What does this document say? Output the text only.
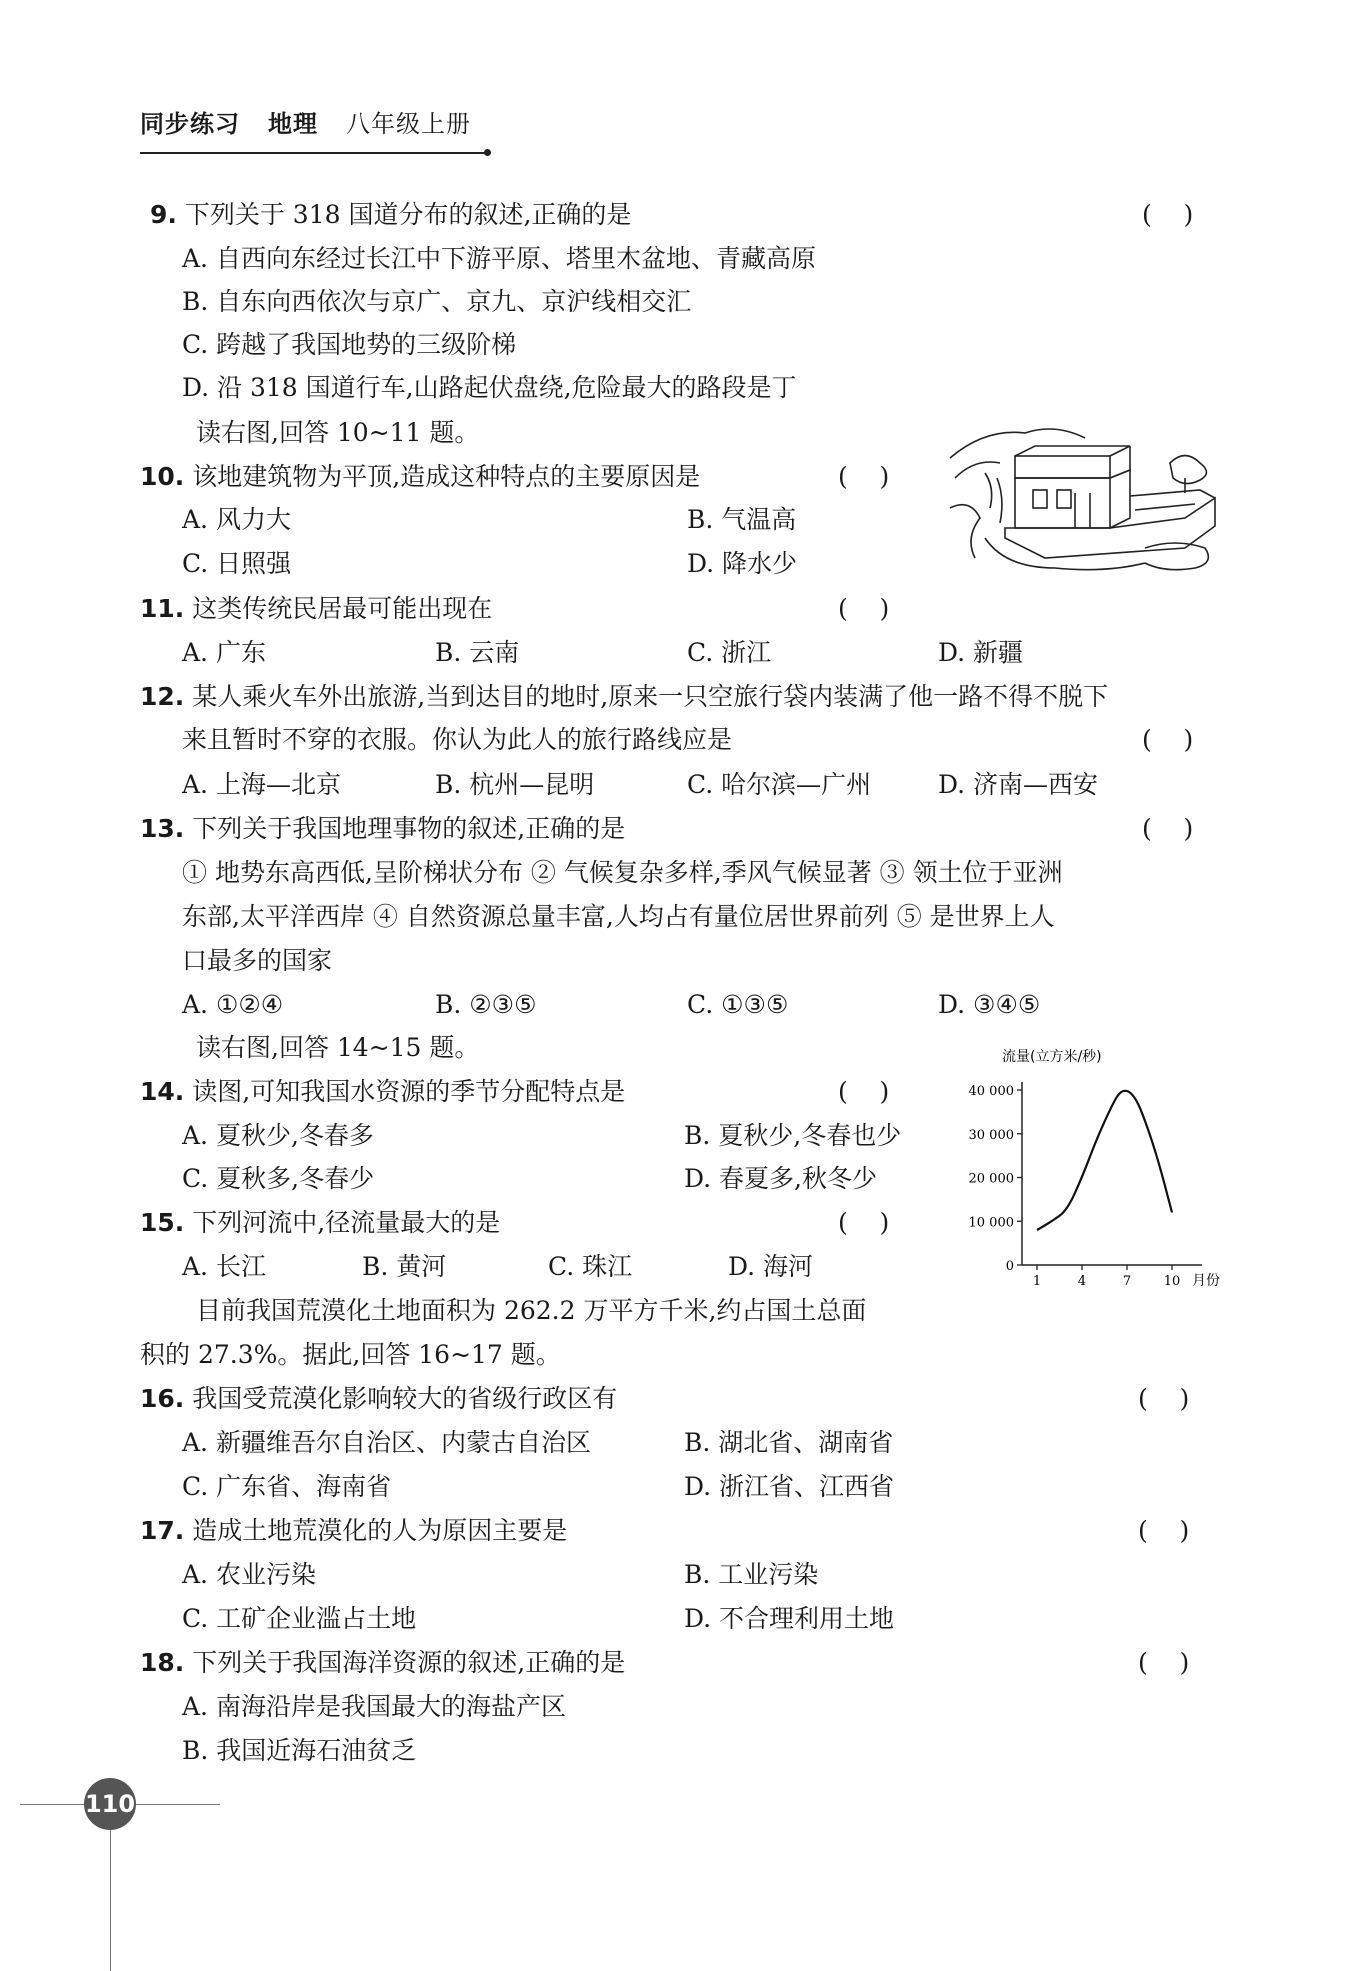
同步练习 地理 八年级上册
9. 下列关于 318 国道分布的叙述,正确的是	(    )
A. 自西向东经过长江中下游平原、塔里木盆地、青藏高原
B. 自东向西依次与京广、京九、京沪线相交汇
C. 跨越了我国地势的三级阶梯
D. 沿 318 国道行车,山路起伏盘绕,危险最大的路段是丁
读右图,回答 10~11 题。
10. 该地建筑物为平顶,造成这种特点的主要原因是	(    )
A. 风力大	B. 气温高
C. 日照强	D. 降水少
11. 这类传统民居最可能出现在	(    )
A. 广东	B. 云南	C. 浙江	D. 新疆
12. 某人乘火车外出旅游,当到达目的地时,原来一只空旅行袋内装满了他一路不得不脱下
来且暂时不穿的衣服。你认为此人的旅行路线应是	(    )
A. 上海—北京	B. 杭州—昆明	C. 哈尔滨—广州	D. 济南—西安
13. 下列关于我国地理事物的叙述,正确的是	(    )
① 地势东高西低,呈阶梯状分布 ② 气候复杂多样,季风气候显著 ③ 领土位于亚洲
东部,太平洋西岸 ④ 自然资源总量丰富,人均占有量位居世界前列 ⑤ 是世界上人
口最多的国家
A. ①②④	B. ②③⑤	C. ①③⑤	D. ③④⑤
读右图,回答 14~15 题。
14. 读图,可知我国水资源的季节分配特点是	(    )
A. 夏秋少,冬春多	B. 夏秋少,冬春也少
C. 夏秋多,冬春少	D. 春夏多,秋冬少
15. 下列河流中,径流量最大的是	(    )
A. 长江	B. 黄河	C. 珠江	D. 海河
流量(立方米/秒)
月份
0
10 000
20 000
30 000
40 000
1	4	7	10
目前我国荒漠化土地面积为 262.2 万平方千米,约占国土总面
积的 27.3%。据此,回答 16~17 题。
16. 我国受荒漠化影响较大的省级行政区有	(    )
A. 新疆维吾尔自治区、内蒙古自治区	B. 湖北省、湖南省
C. 广东省、海南省	D. 浙江省、江西省
17. 造成土地荒漠化的人为原因主要是	(    )
A. 农业污染	B. 工业污染
C. 工矿企业滥占土地	D. 不合理利用土地
18. 下列关于我国海洋资源的叙述,正确的是	(    )
A. 南海沿岸是我国最大的海盐产区
B. 我国近海石油贫乏
110
